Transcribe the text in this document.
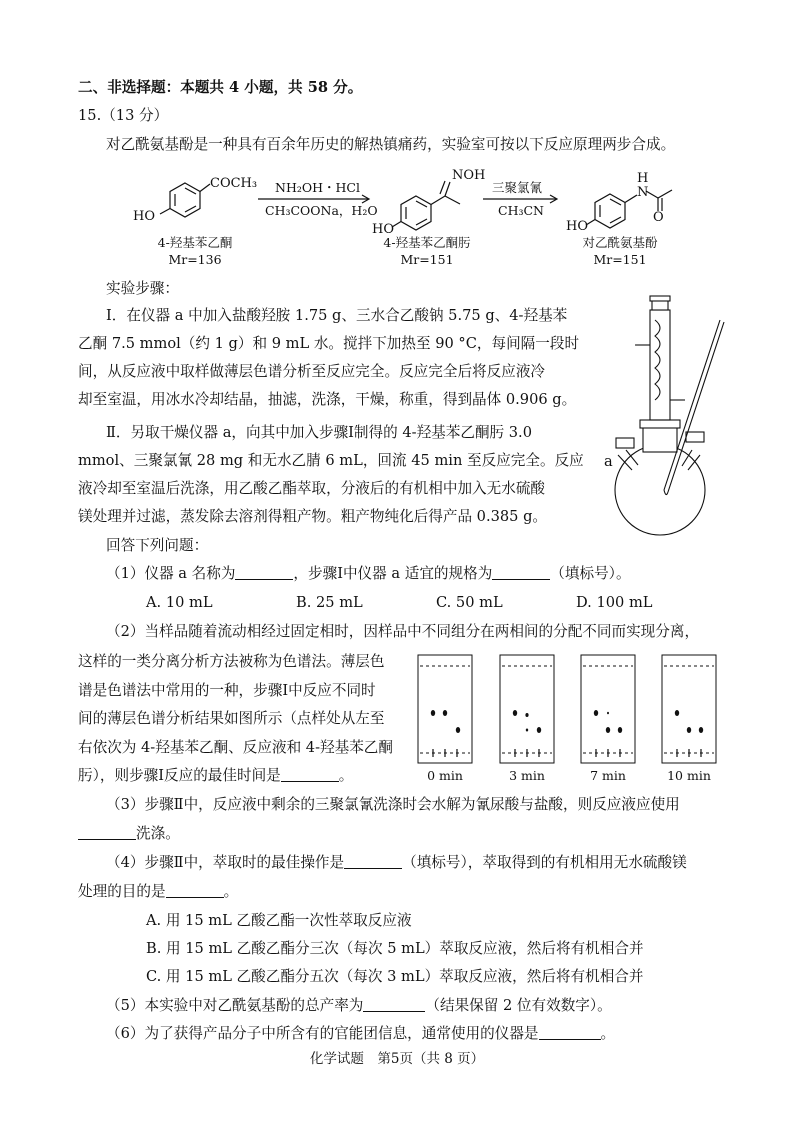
二、非选择题：本题共 4 小题，共 58 分。
15.（13 分）
对乙酰氨基酚是一种具有百余年历史的解热镇痛药，实验室可按以下反应原理两步合成。
COCH₃
HO
NOH
HO
N
H
O
HO
NH₂OH・HCl
CH₃COONa，H₂O
三聚氯氰
CH₃CN
4-羟基苯乙酮
Mr=136
4-羟基苯乙酮肟
Mr=151
对乙酰氨基酚
Mr=151
实验步骤：
Ⅰ．在仪器 a 中加入盐酸羟胺 1.75 g、三水合乙酸钠 5.75 g、4-羟基苯
乙酮 7.5 mmol（约 1 g）和 9 mL 水。搅拌下加热至 90 °C，每间隔一段时
间，从反应液中取样做薄层色谱分析至反应完全。反应完全后将反应液冷
却至室温，用冰水冷却结晶，抽滤，洗涤，干燥，称重，得到晶体 0.906 g。
Ⅱ．另取干燥仪器 a，向其中加入步骤Ⅰ制得的 4-羟基苯乙酮肟 3.0
mmol、三聚氯氰 28 mg 和无水乙腈 6 mL，回流 45 min 至反应完全。反应
液冷却至室温后洗涤，用乙酸乙酯萃取，分液后的有机相中加入无水硫酸
镁处理并过滤，蒸发除去溶剂得粗产物。粗产物纯化后得产品 0.385 g。
a
回答下列问题：
（1）仪器 a 名称为	，步骤Ⅰ中仪器 a 适宜的规格为	（填标号）。
A. 10 mL	B. 25 mL	C. 50 mL	D. 100 mL
（2）当样品随着流动相经过固定相时，因样品中不同组分在两相间的分配不同而实现分离，
这样的一类分离分析方法被称为色谱法。薄层色
谱是色谱法中常用的一种，步骤Ⅰ中反应不同时
间的薄层色谱分析结果如图所示（点样处从左至
右依次为 4-羟基苯乙酮、反应液和 4-羟基苯乙酮
肟），则步骤Ⅰ反应的最佳时间是	。	0 min	3 min	7 min	10 min
（3）步骤Ⅱ中，反应液中剩余的三聚氯氰洗涤时会水解为氰尿酸与盐酸，则反应液应使用
洗涤。
（4）步骤Ⅱ中，萃取时的最佳操作是	（填标号），萃取得到的有机相用无水硫酸镁
处理的目的是	。
A. 用 15 mL 乙酸乙酯一次性萃取反应液
B. 用 15 mL 乙酸乙酯分三次（每次 5 mL）萃取反应液，然后将有机相合并
C. 用 15 mL 乙酸乙酯分五次（每次 3 mL）萃取反应液，然后将有机相合并
（5）本实验中对乙酰氨基酚的总产率为	（结果保留 2 位有效数字）。
（6）为了获得产品分子中所含有的官能团信息，通常使用的仪器是	。
化学试题　第5页（共 8 页）
